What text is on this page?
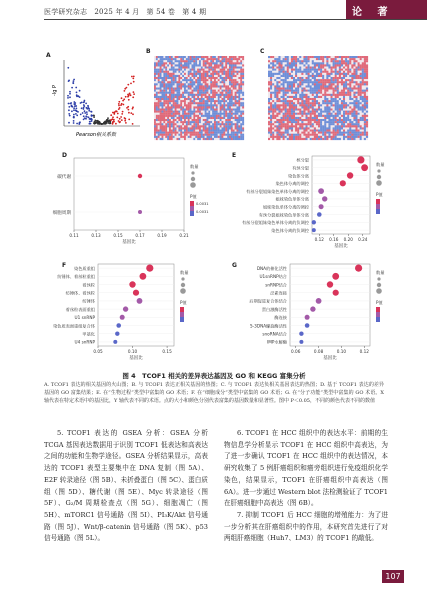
医学研究杂志　2025 年 4 月　第 54 卷　第 4 期	论 著
A
-lg P
Pearson相关系数
B	C
D
碳代谢
细胞周期
0.11	0.13	0.15	0.17	0.19	0.21
基因比
数量
P值
0.0031
0.0031
E
核分裂
有丝分裂
染色体分离
染色体分离的调控
有丝分裂姐妹染色单体分离的调控
姐妹染色单体分离
姐妹染色单体分离的调控
有丝分裂姐妹染色单体分离
有丝分裂姐妹染色单体分离的负调控
染色体分离的负调控
0.12 0.16 0.20 0.24
基因比
数量
P值
F 染色质重组
纺锤体、着丝粒重组
着丝粒
纺锤体、着丝粒
纺锤体
着丝粒表面重组
U1 snRNP
染色质表面重组复合体
甲基化
U4 snRNP
0.05	0.10	0.15
基因比
数量
P值
G	DNA的催化活性
U1snRNP结合
snRNP结合
泛素连接
后期促进复合体结合
蛋白激酶活性
酶连接
5-3DNA螺旋酶活性
snoRNA结合
IMP水解酶
0.06	0.08	0.10	0.12
基因比
数量
P值
图 4　TCOF1 相关的差异表达基因及 GO 和 KEGG 富集分析
A. TCOF1 表达的相关基因的火山图；B. 与 TCOF1 表达正相关基因的热图；C. 与 TCOF1 表达负相关基因表达的热图；D. 基于 TCOF1 表达的差异基因的 GO 富集结果；E. 在“生物过程”类型中富集的 GO 术语；F. 在“细胞成分”类型中富集的 GO 术语；G. 在“分子功能”类型中富集的 GO 术语。X 轴代表在特定术语中的基因比，Y 轴代表不同的术语。点的大小和颜色分别代表富集的基因数量和显著性。图中 P＜0.05，不同的颜色代表不同的数值

5. TCOF1 表达的 GSEA 分析：GSEA 分析 TCGA 基因表达数据用于识别 TCOF1 低表达和高表达之间的功能和生物学途径。GSEA 分析结果显示，高表达的 TCOF1 表型主要集中在 DNA 复制（图 5A）、E2F 转录途径（图 5B）、未折叠蛋白（图 5C）、蛋白质组（图 5D）、糖代谢（图 5E）、Myc 转录途径（图 5F）、G₂/M 周期检查点（图 5G）、细胞凋亡（图 5H）、mTORC1 信号通路（图 5I）、PI₃K/Akt 信号通路（图 5J）、Wnt/β-catenin 信号通路（图 5K）、p53 信号通路（图 5L）。

6. TCOF1 在 HCC 组织中的表达水平：前期的生物信息学分析显示 TCOF1 在 HCC 组织中高表达，为了进一步确认 TCOF1 在 HCC 组织中的表达情况，本研究收集了 5 例肝癌组织和癌旁组织进行免疫组织化学染色，结果显示，TCOF1 在肝癌组织中高表达（图 6A）。进一步通过 Western blot 法检测验证了 TCOF1 在肝癌细胞中高表达（图 6B）。

7. 抑制 TCOF1 后 HCC 细胞的增殖能力：为了进一步分析其在肝癌组织中的作用，本研究首先进行了对两组肝癌细胞（Huh7、LM3）的 TCOF1 的敲低。

107
